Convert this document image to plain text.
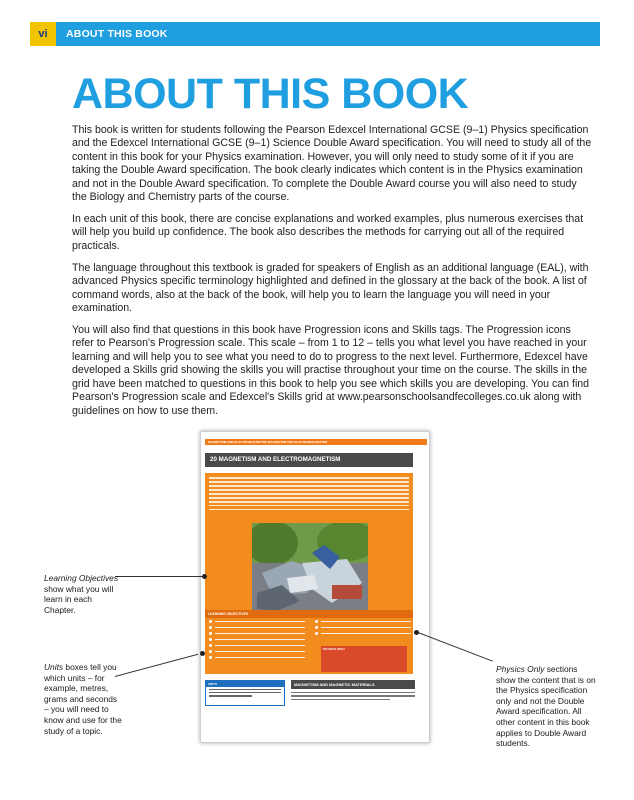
vi	ABOUT THIS BOOK
ABOUT THIS BOOK

This book is written for students following the Pearson Edexcel International GCSE (9–1) Physics specification and the Edexcel International GCSE (9–1) Science Double Award specification. You will need to study all of the content in this book for your Physics examination. However, you will only need to study some of it if you are taking the Double Award specification. The book clearly indicates which content is in the Physics examination and not in the Double Award specification. To complete the Double Award course you will also need to study the Biology and Chemistry parts of the course.

In each unit of this book, there are concise explanations and worked examples, plus numerous exercises that will help you build up confidence. The book also describes the methods for carrying out all of the required practicals.

The language throughout this textbook is graded for speakers of English as an additional language (EAL), with advanced Physics specific terminology highlighted and defined in the glossary at the back of the book. A list of command words, also at the back of the book, will help you to learn the language you will need in your examination.

You will also find that questions in this book have Progression icons and Skills tags. The Progression icons refer to Pearson's Progression scale. This scale – from 1 to 12 – tells you what level you have reached in your learning and will help you to see what you need to do to progress to the next level. Furthermore, Edexcel have developed a Skills grid showing the skills you will practise throughout your time on the course. The skills in the grid have been matched to questions in this book to help you see which skills you are developing. You can find Pearson's Progression scale and Edexcel's Skills grid at www.pearsonschoolsandfecolleges.co.uk along with guidelines on how to use them.

MAGNETISM AND ELECTROMAGNETISM MAGNETISM AND ELECTROMAGNETISM
20 MAGNETISM AND ELECTROMAGNETISM
LEARNING OBJECTIVES
PHYSICS ONLY
UNITS	MAGNETISM AND MAGNETIC MATERIALS
Learning Objectives show what you will learn in each Chapter.
Units boxes tell you which units – for example, metres, grams and seconds – you will need to know and use for the study of a topic.
Physics Only sections show the content that is on the Physics specification only and not the Double Award specification. All other content in this book applies to Double Award students.
